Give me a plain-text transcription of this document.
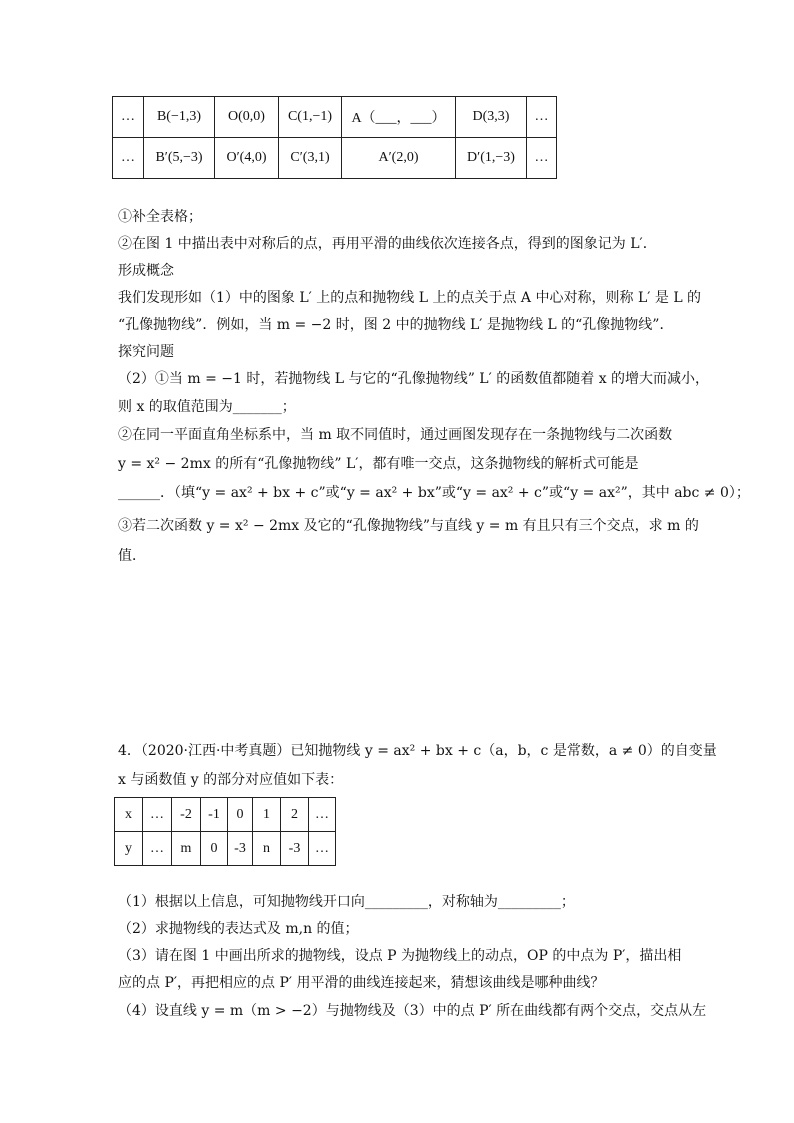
…	B(−1,3)	O(0,0)	C(1,−1)	A（___，___）	D(3,3)	…
…	B′(5,−3)	O′(4,0)	C′(3,1)	A′(2,0)	D′(1,−3)	…
①补全表格；
②在图 1 中描出表中对称后的点，再用平滑的曲线依次连接各点，得到的图象记为 L′．
形成概念
我们发现形如（1）中的图象 L′ 上的点和抛物线 L 上的点关于点 A 中心对称，则称 L′ 是 L 的
“孔像抛物线”．例如，当 m = −2 时，图 2 中的抛物线 L′ 是抛物线 L 的“孔像抛物线”．
探究问题
（2）①当 m = −1 时，若抛物线 L 与它的“孔像抛物线” L′ 的函数值都随着 x 的增大而减小，
则 x 的取值范围为_______；
②在同一平面直角坐标系中，当 m 取不同值时，通过画图发现存在一条抛物线与二次函数
y = x² − 2mx 的所有“孔像抛物线” L′，都有唯一交点，这条抛物线的解析式可能是
______．（填“y = ax² + bx + c”或“y = ax² + bx”或“y = ax² + c”或“y = ax²”，其中 abc ≠ 0）；
③若二次函数 y = x² − 2mx 及它的“孔像抛物线”与直线 y = m 有且只有三个交点，求 m 的
值．
4．（2020·江西·中考真题）已知抛物线 y = ax² + bx + c（a，b，c 是常数，a ≠ 0）的自变量
x 与函数值 y 的部分对应值如下表：
x	…	-2	-1	0	1	2	…
y	…	m	0	-3	n	-3	…
（1）根据以上信息，可知抛物线开口向_________，对称轴为_________；
（2）求抛物线的表达式及 m,n 的值；
（3）请在图 1 中画出所求的抛物线，设点 P 为抛物线上的动点，OP 的中点为 P′，描出相
应的点 P′，再把相应的点 P′ 用平滑的曲线连接起来，猜想该曲线是哪种曲线？
（4）设直线 y = m（m > −2）与抛物线及（3）中的点 P′ 所在曲线都有两个交点，交点从左
